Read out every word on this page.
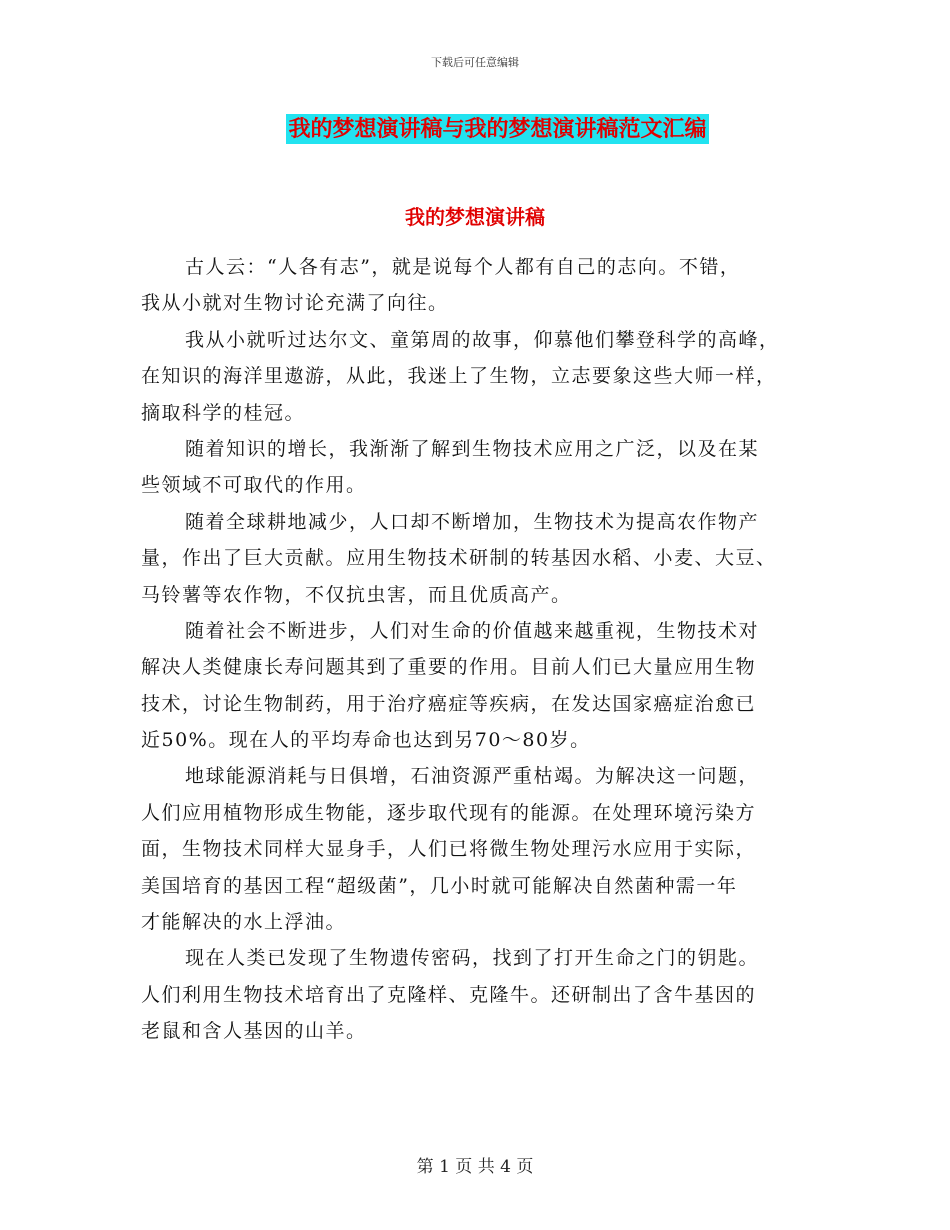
下载后可任意编辑
我的梦想演讲稿与我的梦想演讲稿范文汇编
我的梦想演讲稿

古人云：“人各有志”，就是说每个人都有自己的志向。不错，
我从小就对生物讨论充满了向往。

我从小就听过达尔文、童第周的故事，仰慕他们攀登科学的高峰，
在知识的海洋里遨游，从此，我迷上了生物，立志要象这些大师一样，
摘取科学的桂冠。

随着知识的增长，我渐渐了解到生物技术应用之广泛，以及在某
些领域不可取代的作用。

随着全球耕地减少，人口却不断增加，生物技术为提高农作物产
量，作出了巨大贡献。应用生物技术研制的转基因水稻、小麦、大豆、
马铃薯等农作物，不仅抗虫害，而且优质高产。

随着社会不断进步，人们对生命的价值越来越重视，生物技术对
解决人类健康长寿问题其到了重要的作用。目前人们已大量应用生物
技术，讨论生物制药，用于治疗癌症等疾病，在发达国家癌症治愈已
近50%。现在人的平均寿命也达到另70～80岁。

地球能源消耗与日俱增，石油资源严重枯竭。为解决这一问题，
人们应用植物形成生物能，逐步取代现有的能源。在处理环境污染方
面，生物技术同样大显身手，人们已将微生物处理污水应用于实际，
美国培育的基因工程“超级菌”，几小时就可能解决自然菌种需一年
才能解决的水上浮油。

现在人类已发现了生物遗传密码，找到了打开生命之门的钥匙。
人们利用生物技术培育出了克隆样、克隆牛。还研制出了含牛基因的
老鼠和含人基因的山羊。

第 1 页 共 4 页
